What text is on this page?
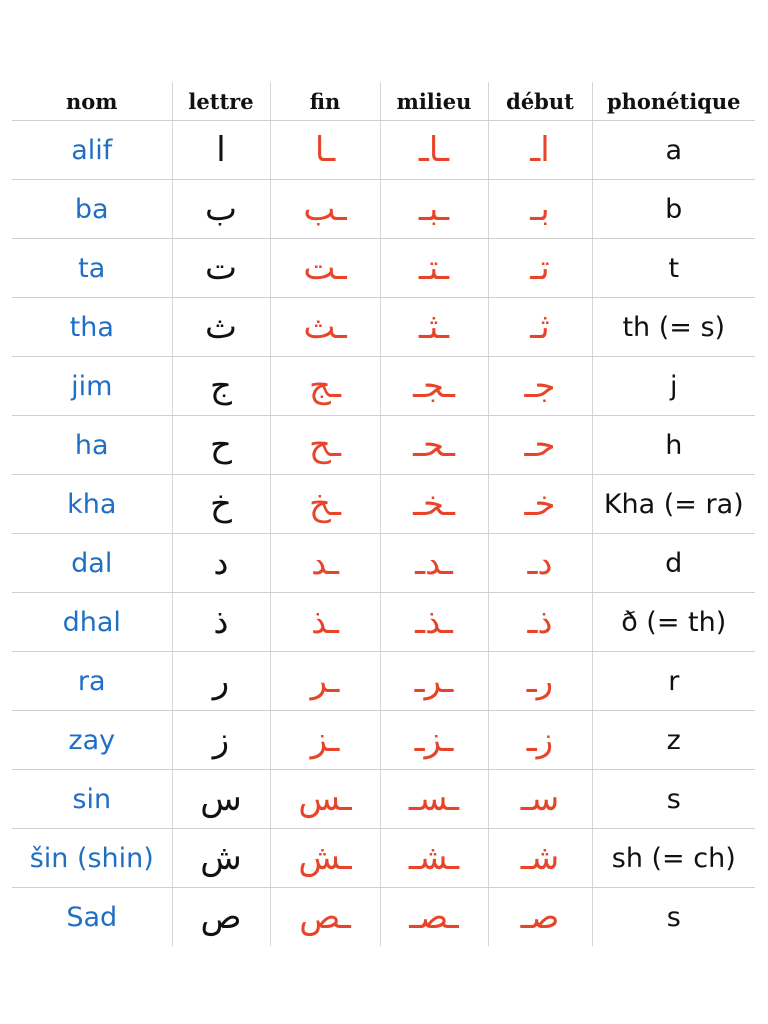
nom	lettre	fin	milieu	début	phonétique
alif	ا	ـا	ـاـ	اـ	a
ba	ب	ـب	ـبـ	بـ	b
ta	ت	ـت	ـتـ	تـ	t
tha	ث	ـث	ـثـ	ثـ	th (= s)
jim	ج	ـج	ـجـ	جـ	j
ha	ح	ـح	ـحـ	حـ	h
kha	خ	ـخ	ـخـ	خـ	Kha (= ra)
dal	د	ـد	ـدـ	دـ	d
dhal	ذ	ـذ	ـذـ	ذـ	ð (= th)
ra	ر	ـر	ـرـ	رـ	r
zay	ز	ـز	ـزـ	زـ	z
sin	س	ـس	ـسـ	سـ	s
šin (shin)	ش	ـش	ـشـ	شـ	sh (= ch)
Sad	ص	ـص	ـصـ	صـ	s
